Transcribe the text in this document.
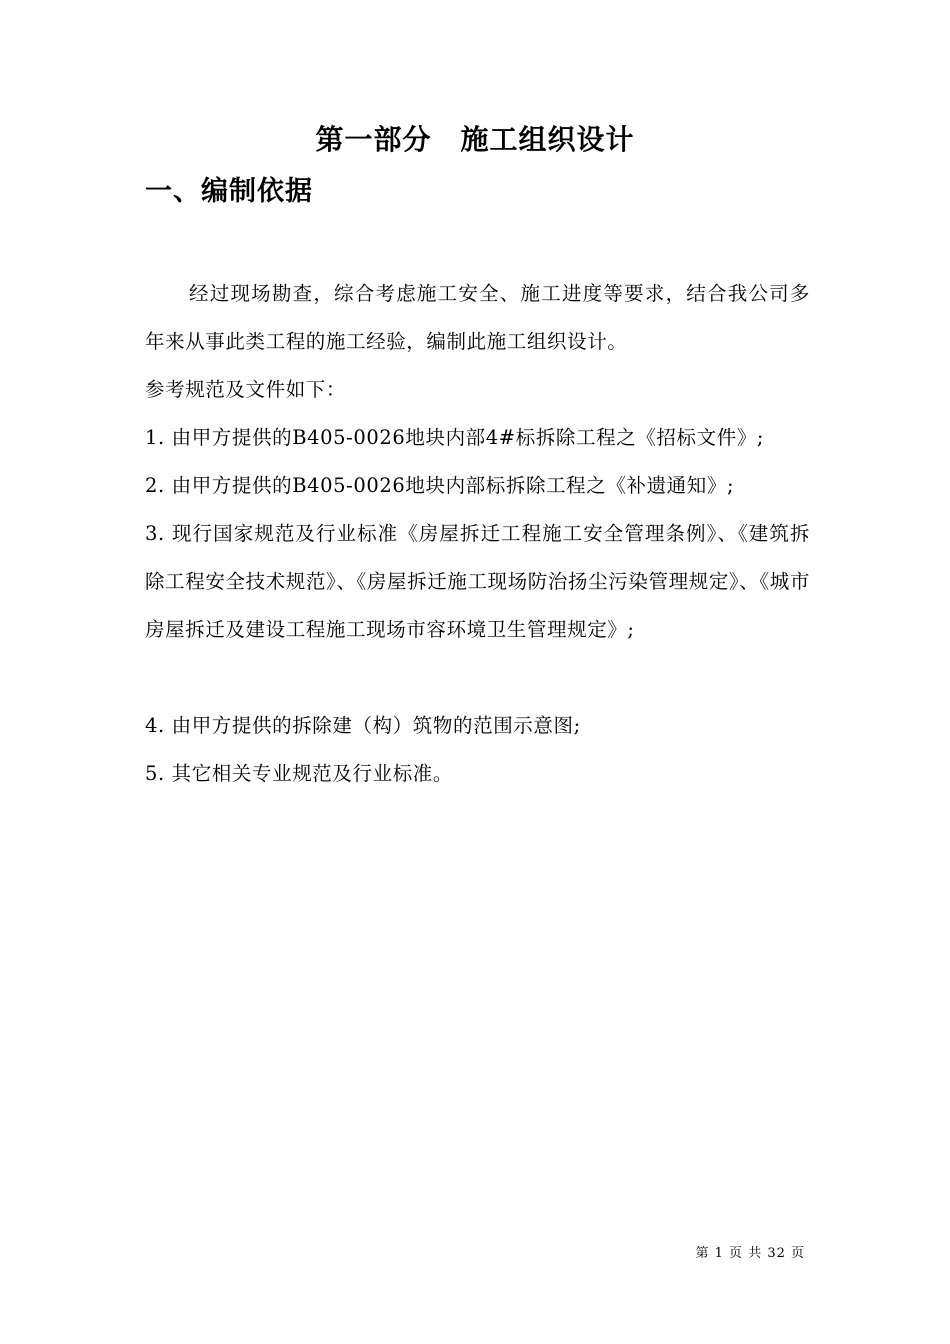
第一部分　施工组织设计
一、编制依据
经过现场勘查，综合考虑施工安全、施工进度等要求，结合我公司多年来从事此类工程的施工经验，编制此施工组织设计。
参考规范及文件如下：
1. 由甲方提供的B405-0026地块内部4#标拆除工程之《招标文件》;
2. 由甲方提供的B405-0026地块内部标拆除工程之《补遗通知》;
3. 现行国家规范及行业标准《房屋拆迁工程施工安全管理条例》、《建筑拆除工程安全技术规范》、《房屋拆迁施工现场防治扬尘污染管理规定》、《城市房屋拆迁及建设工程施工现场市容环境卫生管理规定》;
4. 由甲方提供的拆除建（构）筑物的范围示意图;
5. 其它相关专业规范及行业标准。
第 1 页 共 32 页
